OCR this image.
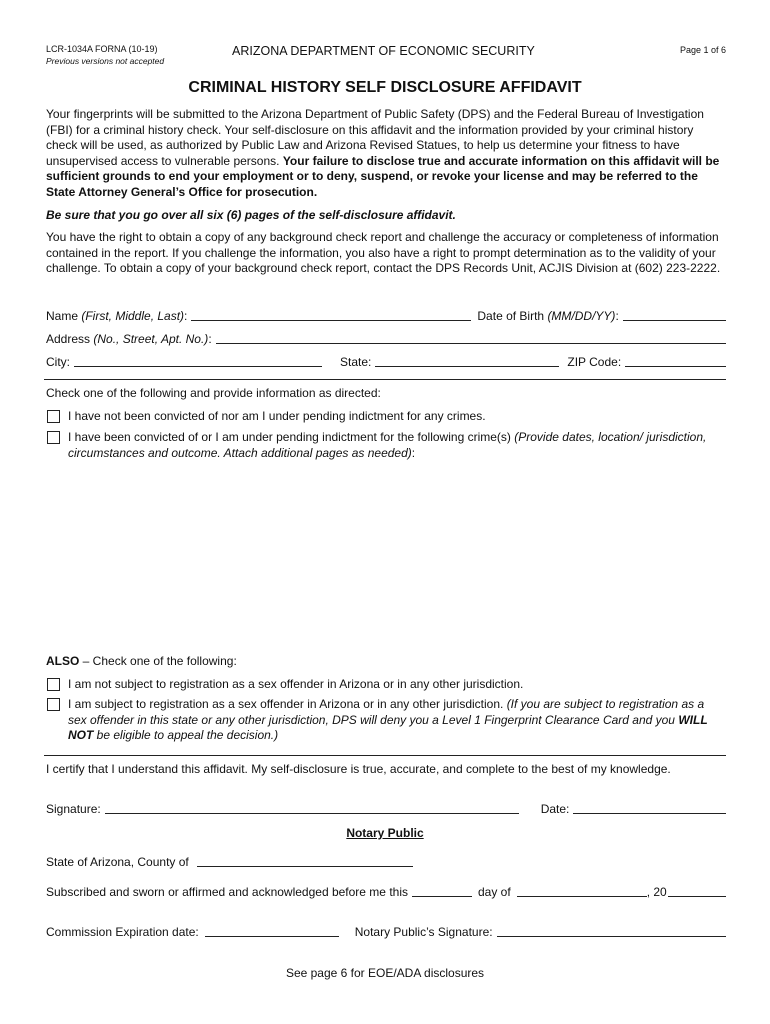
LCR-1034A FORNA (10-19)
Previous versions not accepted
ARIZONA DEPARTMENT OF ECONOMIC SECURITY	Page 1 of 6
CRIMINAL HISTORY SELF DISCLOSURE AFFIDAVIT
Your fingerprints will be submitted to the Arizona Department of Public Safety (DPS) and the Federal Bureau of Investigation (FBI) for a criminal history check. Your self-disclosure on this affidavit and the information provided by your criminal history check will be used, as authorized by Public Law and Arizona Revised Statues, to help us determine your fitness to have unsupervised access to vulnerable persons. Your failure to disclose true and accurate information on this affidavit will be sufficient grounds to end your employment or to deny, suspend, or revoke your license and may be referred to the State Attorney General’s Office for prosecution.
Be sure that you go over all six (6) pages of the self-disclosure affidavit.
You have the right to obtain a copy of any background check report and challenge the accuracy or completeness of information contained in the report. If you challenge the information, you also have a right to prompt determination as to the validity of your challenge. To obtain a copy of your background check report, contact the DPS Records Unit, ACJIS Division at (602) 223-2222.
Name (First, Middle, Last):	Date of Birth (MM/DD/YY):
Address (No., Street, Apt. No.):
City:	State:	ZIP Code:
Check one of the following and provide information as directed:
I have not been convicted of nor am I under pending indictment for any crimes.
I have been convicted of or I am under pending indictment for the following crime(s) (Provide dates, location/ jurisdiction, circumstances and outcome. Attach additional pages as needed):
ALSO – Check one of the following:
I am not subject to registration as a sex offender in Arizona or in any other jurisdiction.
I am subject to registration as a sex offender in Arizona or in any other jurisdiction. (If you are subject to registration as a sex offender in this state or any other jurisdiction, DPS will deny you a Level 1 Fingerprint Clearance Card and you WILL NOT be eligible to appeal the decision.)
I certify that I understand this affidavit. My self-disclosure is true, accurate, and complete to the best of my knowledge.
Signature:	Date:
Notary Public
State of Arizona, County of
Subscribed and sworn or affirmed and acknowledged before me this	day of	, 20
Commission Expiration date:	Notary Public’s Signature:
See page 6 for EOE/ADA disclosures
